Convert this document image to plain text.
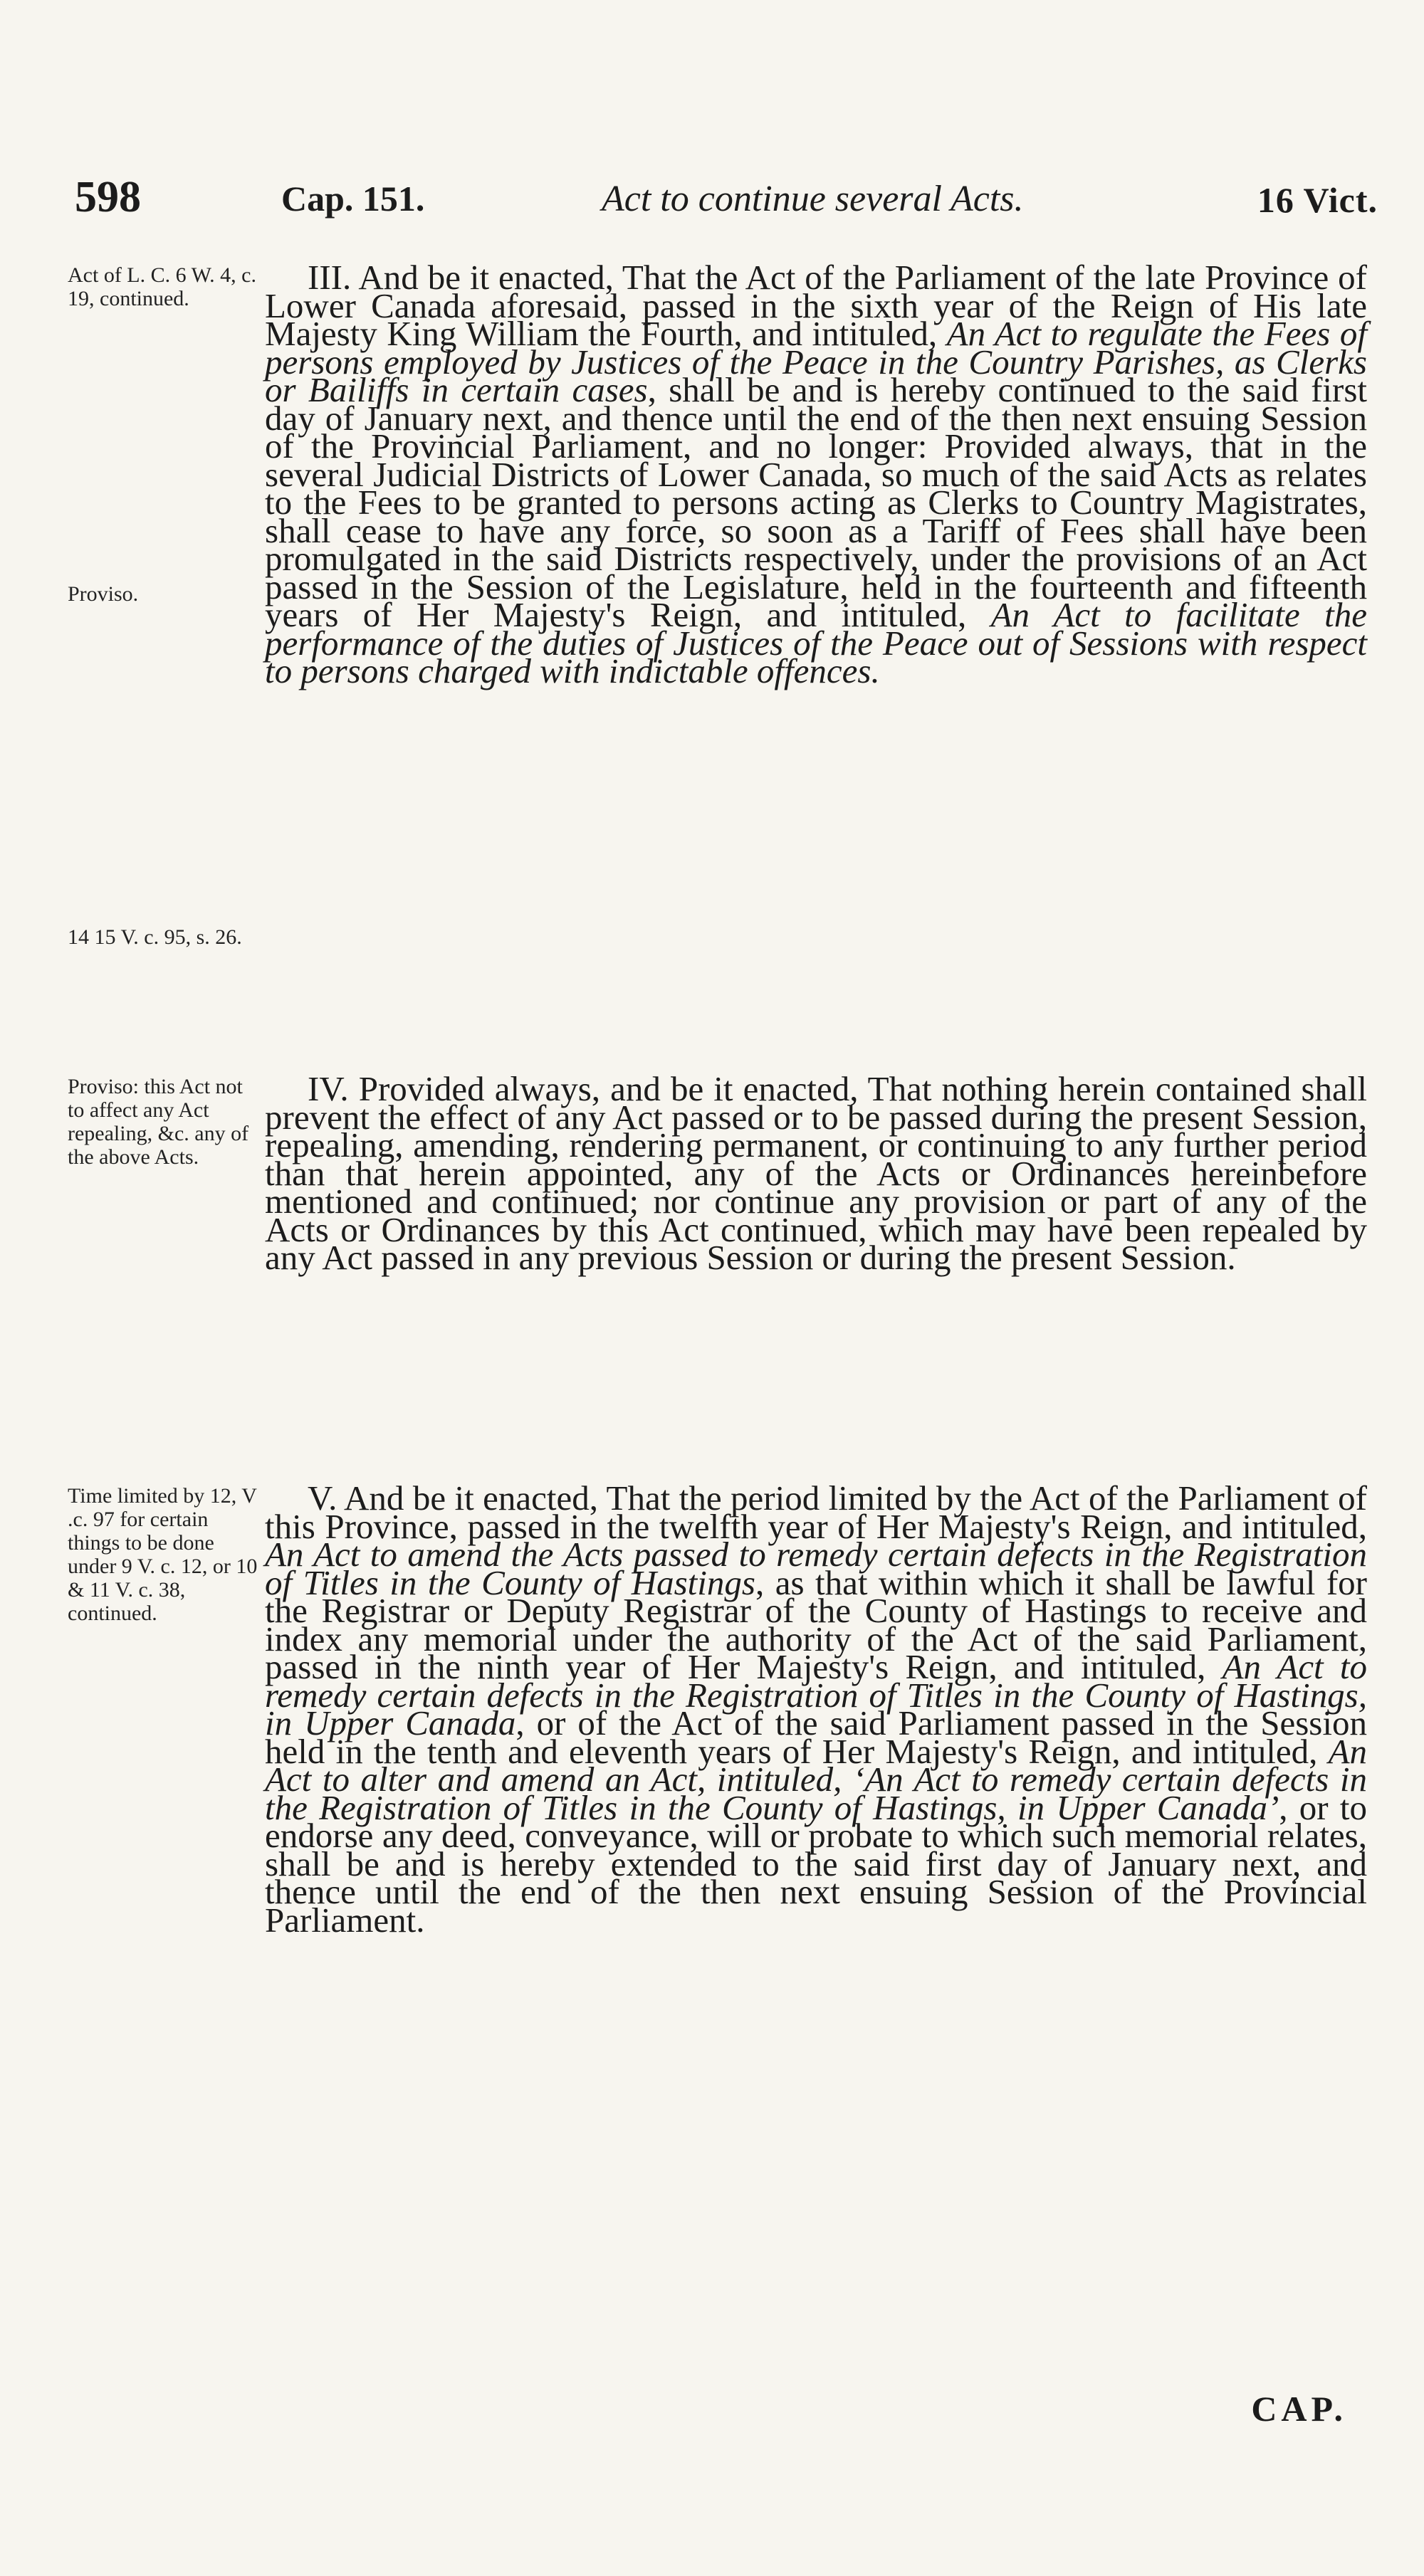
598	Cap. 151.	Act to continue several Acts.	16 Vict.
Act of L. C. 6 W. 4, c. 19, continued.
Proviso.
14 15 V. c. 95, s. 26.

III. And be it enacted, That the Act of the Parliament of the late Province of Lower Canada aforesaid, passed in the sixth year of the Reign of His late Majesty King William the Fourth, and intituled, An Act to regulate the Fees of persons employed by Justices of the Peace in the Country Parishes, as Clerks or Bailiffs in certain cases, shall be and is hereby continued to the said first day of January next, and thence until the end of the then next ensuing Session of the Provincial Parliament, and no longer: Provided always, that in the several Judicial Districts of Lower Canada, so much of the said Acts as relates to the Fees to be granted to persons acting as Clerks to Country Magistrates, shall cease to have any force, so soon as a Tariff of Fees shall have been promulgated in the said Districts respectively, under the provisions of an Act passed in the Session of the Legislature, held in the fourteenth and fifteenth years of Her Majesty's Reign, and intituled, An Act to facilitate the performance of the duties of Justices of the Peace out of Sessions with respect to persons charged with indictable offences.

Proviso: this Act not to affect any Act repealing, &c. any of the above Acts.

IV. Provided always, and be it enacted, That nothing herein contained shall prevent the effect of any Act passed or to be passed during the present Session, repealing, amending, rendering permanent, or continuing to any further period than that herein appointed, any of the Acts or Ordinances hereinbefore mentioned and continued; nor continue any provision or part of any of the Acts or Ordinances by this Act continued, which may have been repealed by any Act passed in any previous Session or during the present Session.

Time limited by 12, V .c. 97 for certain things to be done under 9 V. c. 12, or 10 & 11 V. c. 38, continued.

V. And be it enacted, That the period limited by the Act of the Parliament of this Province, passed in the twelfth year of Her Majesty's Reign, and intituled, An Act to amend the Acts passed to remedy certain defects in the Registration of Titles in the County of Hastings, as that within which it shall be lawful for the Registrar or Deputy Registrar of the County of Hastings to receive and index any memorial under the authority of the Act of the said Parliament, passed in the ninth year of Her Majesty's Reign, and intituled, An Act to remedy certain defects in the Registration of Titles in the County of Hastings, in Upper Canada, or of the Act of the said Parliament passed in the Session held in the tenth and eleventh years of Her Majesty's Reign, and intituled, An Act to alter and amend an Act, intituled, ‘An Act to remedy certain defects in the Registration of Titles in the County of Hastings, in Upper Canada’, or to endorse any deed, conveyance, will or probate to which such memorial relates, shall be and is hereby extended to the said first day of January next, and thence until the end of the then next ensuing Session of the Provincial Parliament.

CAP.
